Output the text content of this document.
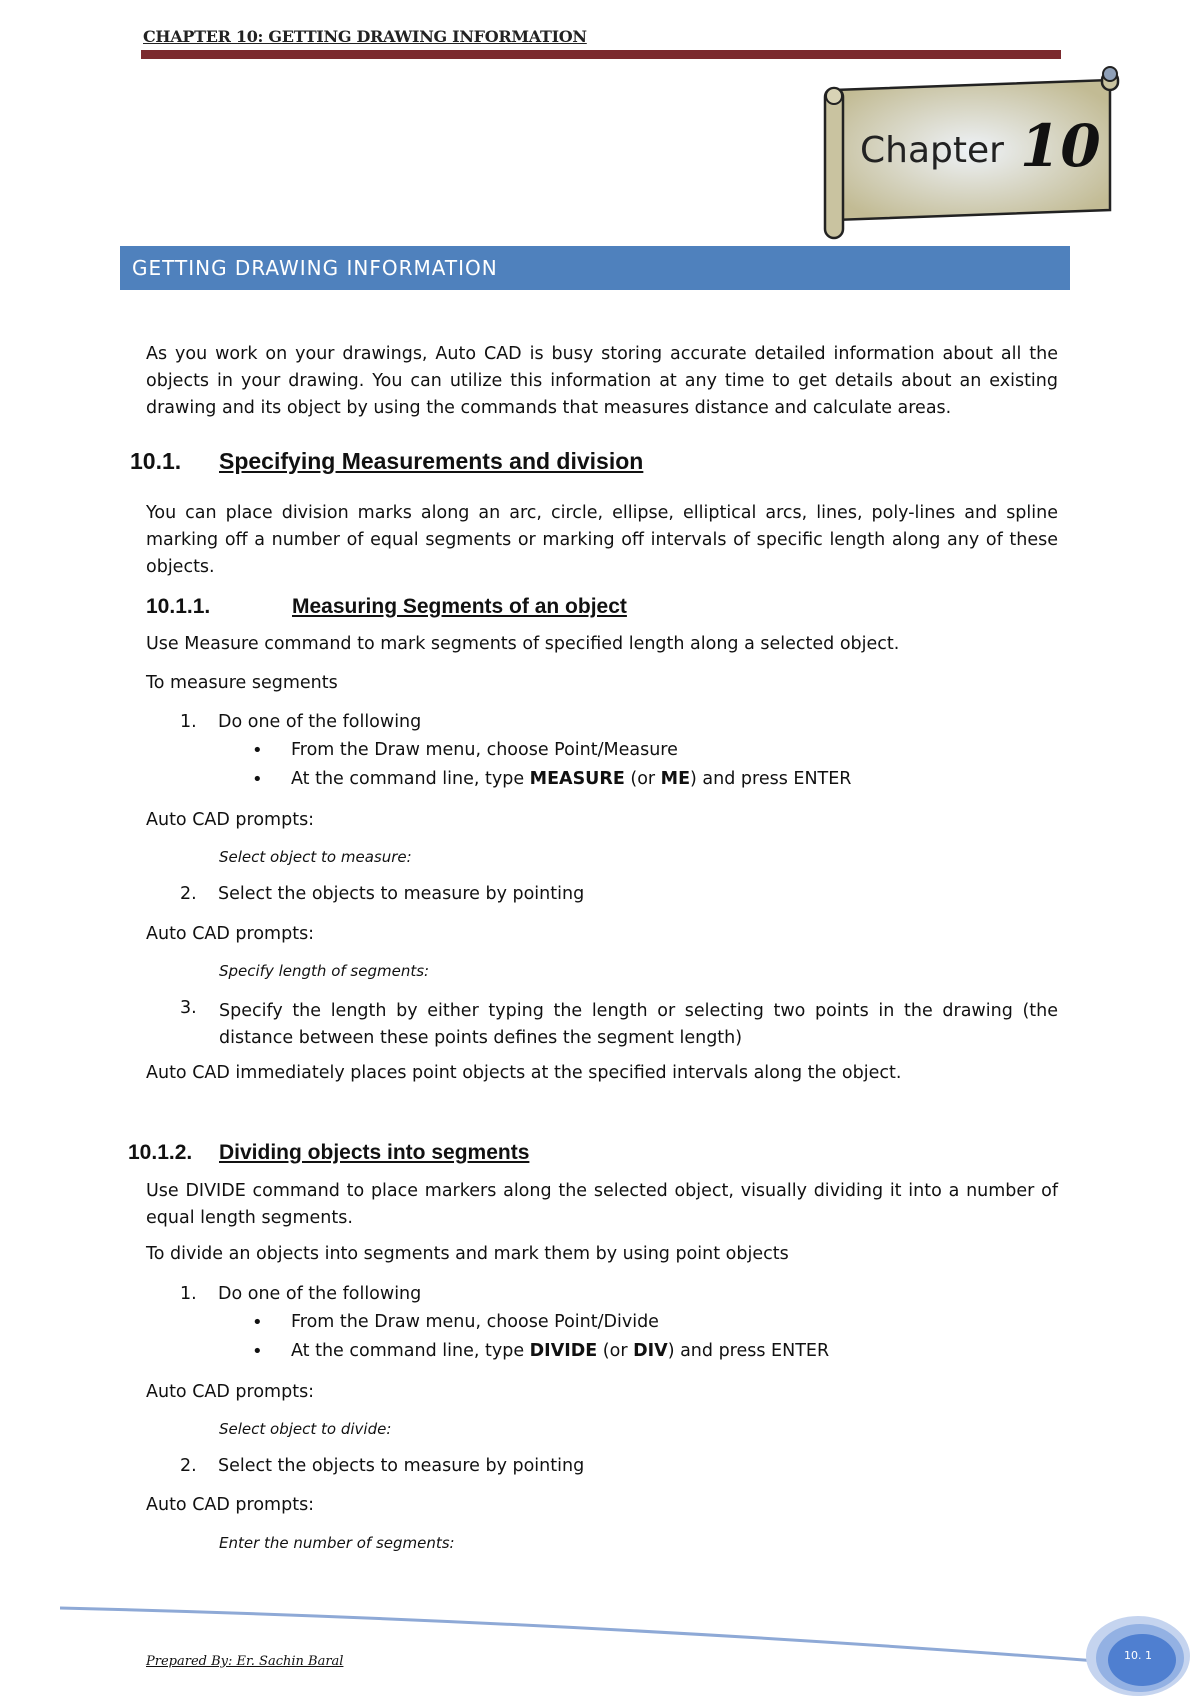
CHAPTER 10: GETTING DRAWING INFORMATION
Chapter 10
GETTING DRAWING INFORMATION
As you work on your drawings, Auto CAD is busy storing accurate detailed information about all the objects in your drawing. You can utilize this information at any time to get details about an existing drawing and its object by using the commands that measures distance and calculate areas.
10.1. Specifying Measurements and division
You can place division marks along an arc, circle, ellipse, elliptical arcs, lines, poly-lines and spline marking off a number of equal segments or marking off intervals of specific length along any of these objects.
10.1.1.	Measuring Segments of an object
Use Measure command to mark segments of specified length along a selected object.
To measure segments
1. Do one of the following
• From the Draw menu, choose Point/Measure
• At the command line, type MEASURE (or ME) and press ENTER
Auto CAD prompts:
Select object to measure:
2. Select the objects to measure by pointing
Auto CAD prompts:
Specify length of segments:
3. Specify the length by either typing the length or selecting two points in the drawing (the distance between these points defines the segment length)
Auto CAD immediately places point objects at the specified intervals along the object.
10.1.2. Dividing objects into segments
Use DIVIDE command to place markers along the selected object, visually dividing it into a number of equal length segments.
To divide an objects into segments and mark them by using point objects
1. Do one of the following
• From the Draw menu, choose Point/Divide
• At the command line, type DIVIDE (or DIV) and press ENTER
Auto CAD prompts:
Select object to divide:
2. Select the objects to measure by pointing
Auto CAD prompts:
Enter the number of segments:
Prepared By: Er. Sachin Baral	10. 1
